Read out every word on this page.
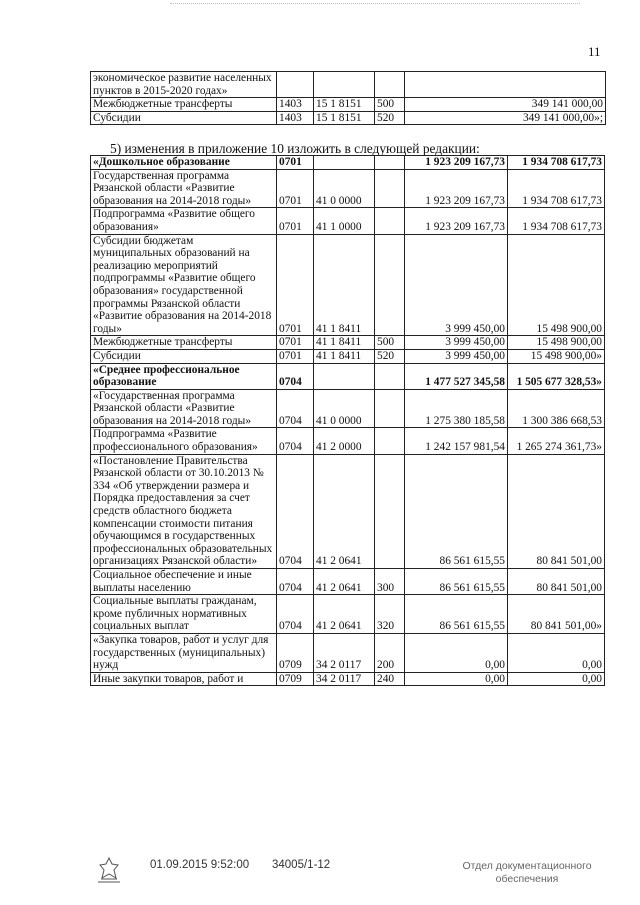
11
экономическое развитие населенных пунктов в 2015-2020 годах»				
Межбюджетные трансферты	1403	15 1 8151	500	349 141 000,00
Субсидии	1403	15 1 8151	520	349 141 000,00»;
5) изменения в приложение 10 изложить в следующей редакции:
«Дошкольное образование	0701			1 923 209 167,73	1 934 708 617,73
Государственная программа Рязанской области «Развитие образования на 2014-2018 годы»	0701	41 0 0000		1 923 209 167,73	1 934 708 617,73
Подпрограмма «Развитие общего образования»	0701	41 1 0000		1 923 209 167,73	1 934 708 617,73
Субсидии бюджетам муниципальных образований на реализацию мероприятий подпрограммы «Развитие общего образования» государственной программы Рязанской области «Развитие образования на 2014-2018 годы»	0701	41 1 8411		3 999 450,00	15 498 900,00
Межбюджетные трансферты	0701	41 1 8411	500	3 999 450,00	15 498 900,00
Субсидии	0701	41 1 8411	520	3 999 450,00	15 498 900,00»
«Среднее профессиональное образование	0704			1 477 527 345,58	1 505 677 328,53»
«Государственная программа Рязанской области «Развитие образования на 2014-2018 годы»	0704	41 0 0000		1 275 380 185,58	1 300 386 668,53
Подпрограмма «Развитие профессионального образования»	0704	41 2 0000		1 242 157 981,54	1 265 274 361,73»
«Постановление Правительства Рязанской области от 30.10.2013 № 334 «Об утверждении размера и Порядка предоставления за счет средств областного бюджета компенсации стоимости питания обучающимся в государственных профессиональных образовательных организациях Рязанской области»	0704	41 2 0641		86 561 615,55	80 841 501,00
Социальное обеспечение и иные выплаты населению	0704	41 2 0641	300	86 561 615,55	80 841 501,00
Социальные выплаты гражданам, кроме публичных нормативных социальных выплат	0704	41 2 0641	320	86 561 615,55	80 841 501,00»
«Закупка товаров, работ и услуг для государственных (муниципальных) нужд	0709	34 2 0117	200	0,00	0,00
Иные закупки товаров, работ и	0709	34 2 0117	240	0,00	0,00
01.09.2015 9:52:00 34005/1-12	Отдел документационного
обеспечения
